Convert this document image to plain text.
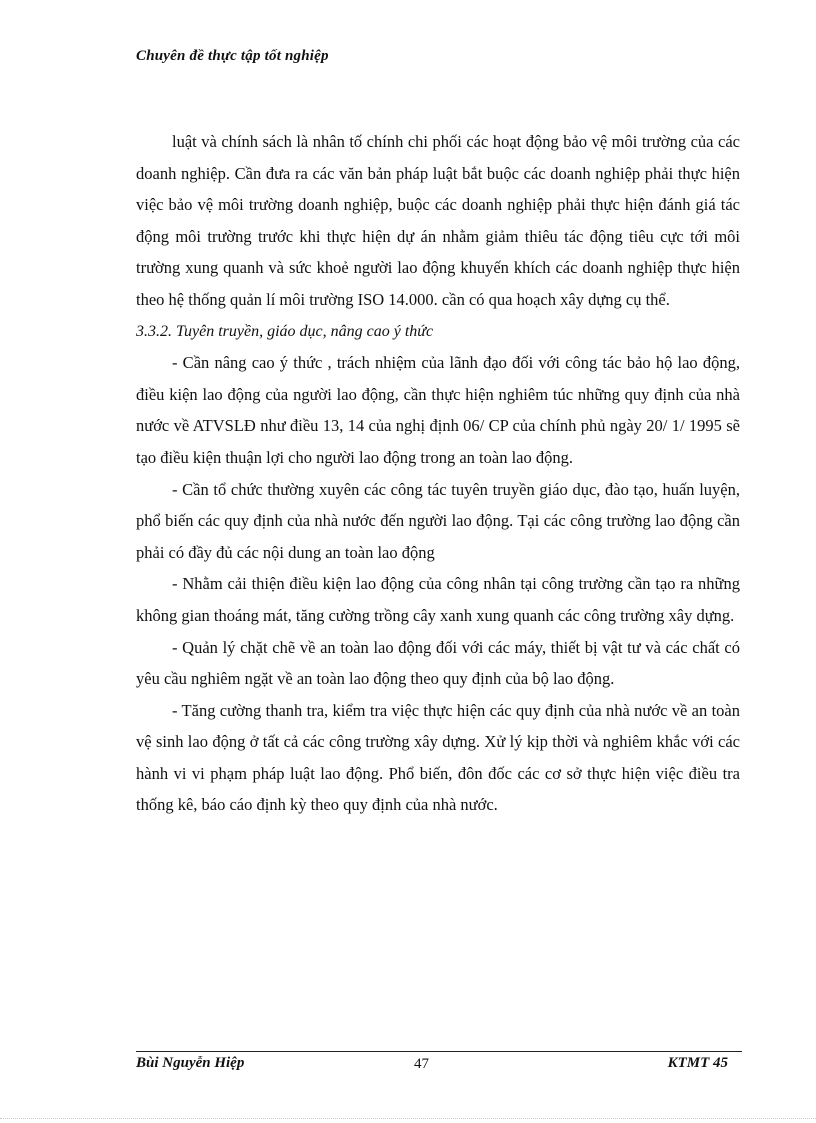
Chuyên đề thực tập tốt nghiệp

luật và chính sách là nhân tố chính chi phối các hoạt động bảo vệ môi trường của các doanh nghiệp. Cần đưa ra các văn bản pháp luật bắt buộc các doanh nghiệp phải thực hiện việc bảo vệ môi trường doanh nghiệp, buộc các doanh nghiệp phải thực hiện đánh giá tác động môi trường trước khi thực hiện dự án nhằm giảm thiêu tác động tiêu cực tới môi trường xung quanh và sức khoẻ người lao động khuyến khích các doanh nghiệp thực hiện theo hệ thống quản lí môi trường ISO 14.000. cần có qua hoạch xây dựng cụ thể.

3.3.2. Tuyên truyền, giáo dục, nâng cao ý thức

- Cần nâng cao ý thức , trách nhiệm của lãnh đạo đối với công tác bảo hộ lao động, điều kiện lao động của người lao động, cần thực hiện nghiêm túc những quy định của nhà nước về ATVSLĐ như điều 13, 14 của nghị định 06/ CP của chính phủ ngày 20/ 1/ 1995 sẽ tạo điều kiện thuận lợi cho người lao động trong an toàn lao động.

- Cần tổ chức thường xuyên các công tác tuyên truyền giáo dục, đào tạo, huấn luyện, phổ biến các quy định của nhà nước đến người lao động. Tại các công trường lao động cần phải có đầy đủ các nội dung an toàn lao động

- Nhằm cải thiện điều kiện lao động của công nhân tại công trường cần tạo ra những không gian thoáng mát, tăng cường trồng cây xanh xung quanh các công trường xây dựng.

- Quản lý chặt chẽ về an toàn lao động đối với các máy, thiết bị vật tư và các chất có yêu cầu nghiêm ngặt về an toàn lao động theo quy định của bộ lao động.

- Tăng cường thanh tra, kiểm tra việc thực hiện các quy định của nhà nước về an toàn vệ sinh lao động ở tất cả các công trường xây dựng. Xử lý kịp thời và nghiêm khắc với các hành vi vi phạm pháp luật lao động. Phổ biến, đôn đốc các cơ sở thực hiện việc điều tra thống kê, báo cáo định kỳ theo quy định của nhà nước.

Bùi Nguyễn Hiệp	47	KTMT 45
